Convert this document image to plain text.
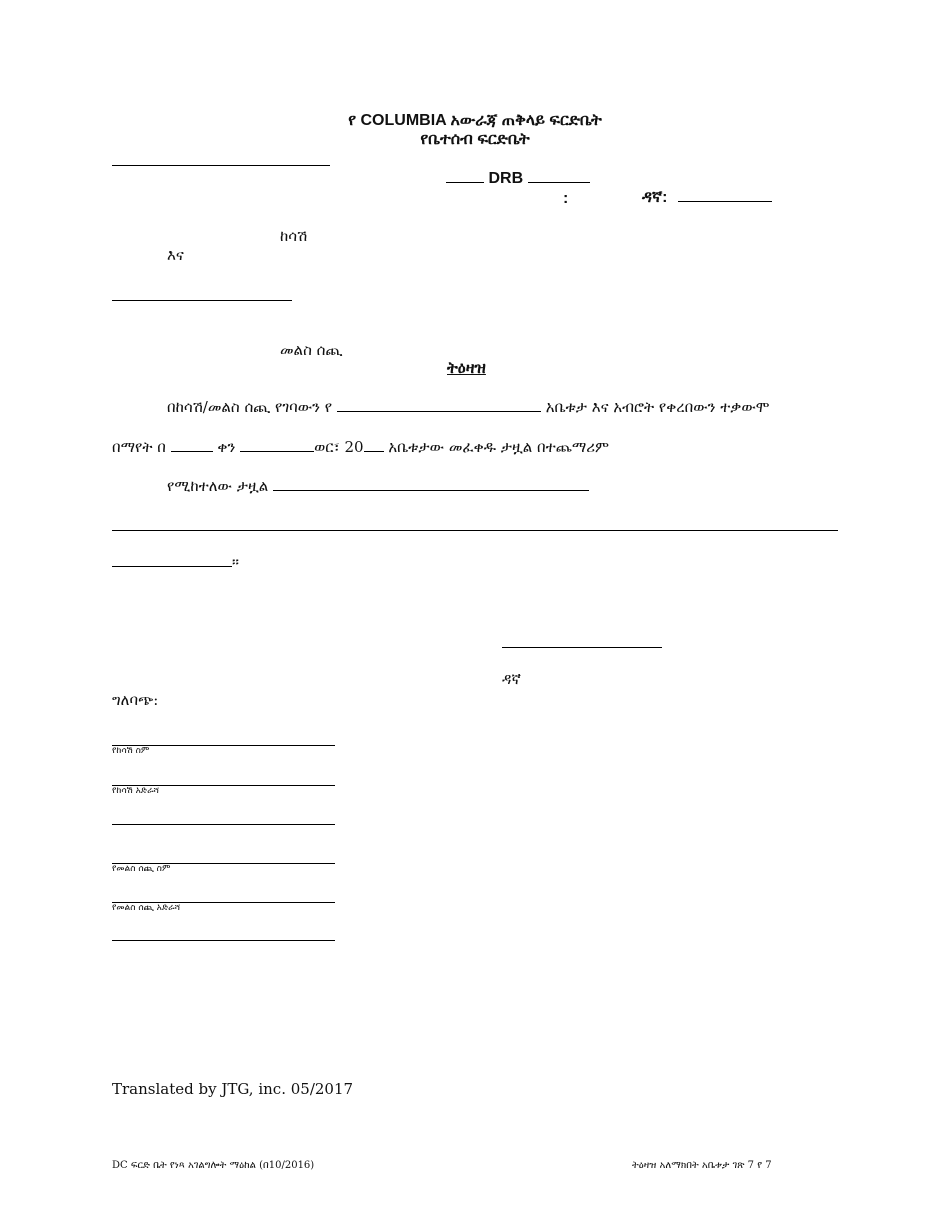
የ COLUMBIA አውራጃ ጠቅላይ ፍርድቤት
የቤተሰብ ፍርድቤት
DRB
:	ዳኛ:
ከሳሽ
እና
መልስ ሰጪ
ትዕዛዝ
በከሳሽ/መልስ ሰጪ የገባውን የ	አቤቱታ እና አብሮት የቀረበውን ተቃውሞ
በማየት በ	ቀን	ወር፣ 20 አቤቱታው መፈቀዱ ታዟል በተጨማሪም
የሚከተለው ታዟል
።
ዳኛ
ግለባጭ:
የከሳሽ ስም
የከሳሽ አድራሻ
የመልስ ሰጪ ስም
የመልስ ሰጪ አድራሻ
Translated by JTG, inc. 05/2017
DC ፍርድ ቤት የነጻ አገልግሎት ማዕከል (በ10/2016)	ትዕዛዝ አለማክበት አቤቱታ ገጽ 7 የ 7
